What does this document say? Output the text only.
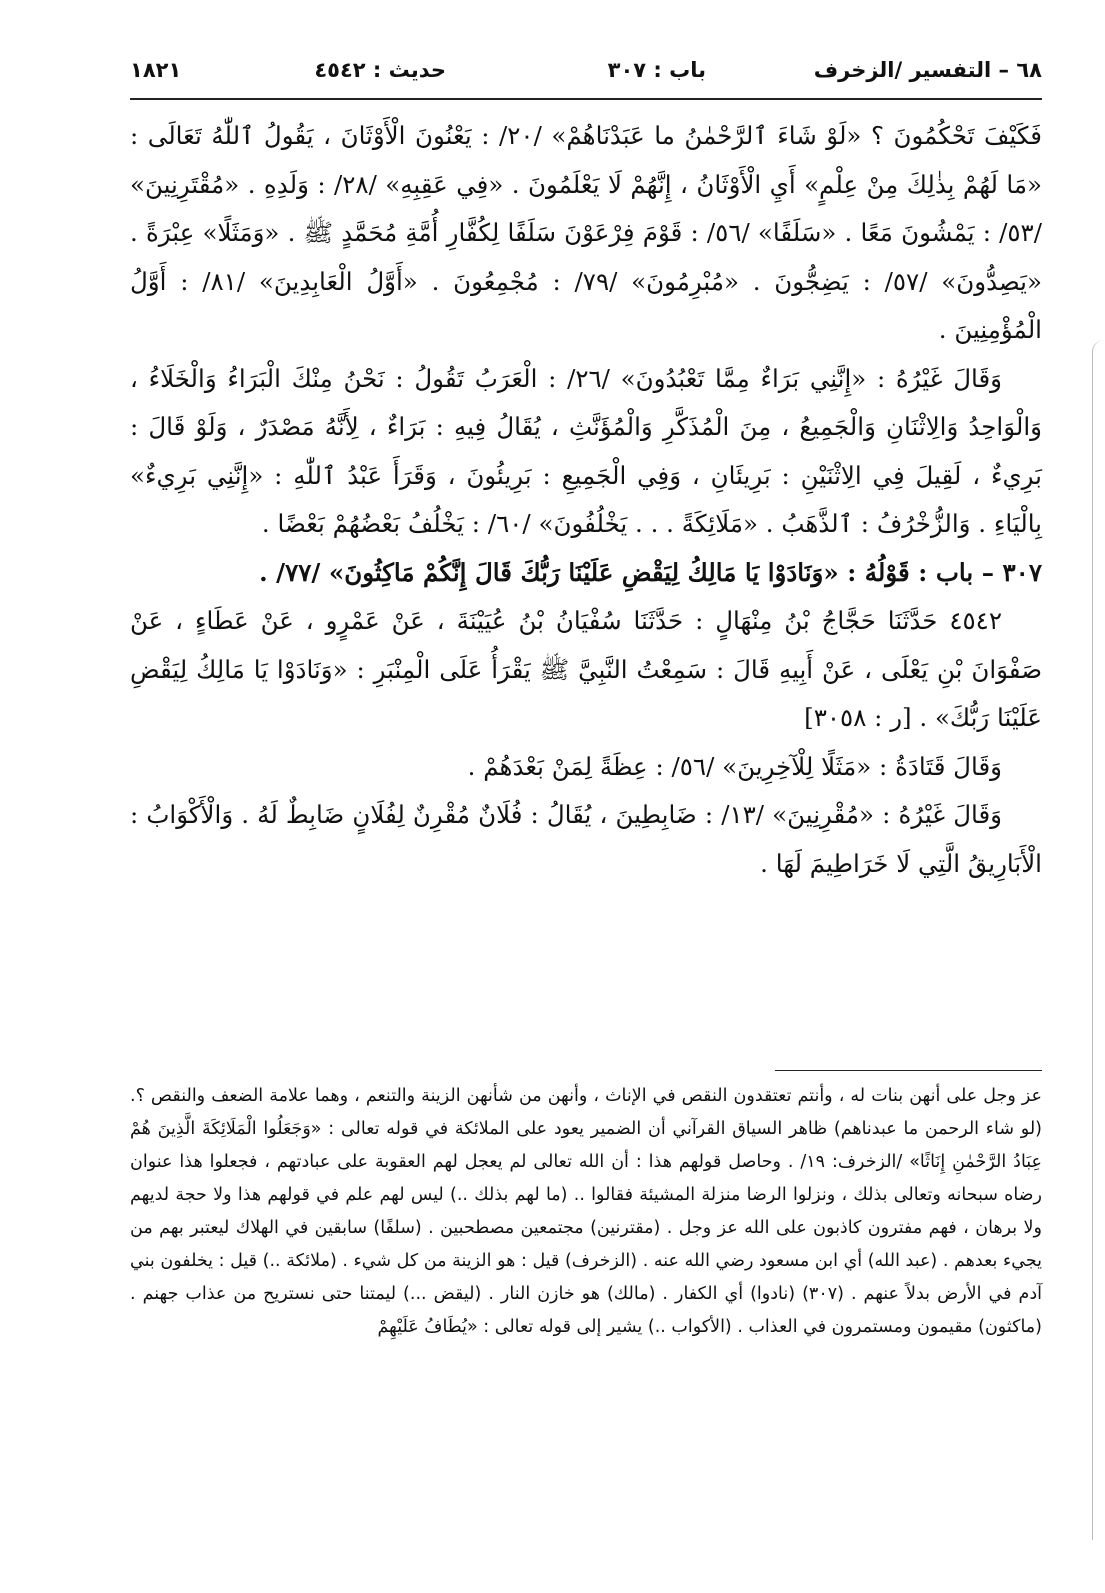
٦٨ – التفسير /الزخرف
باب : ٣٠٧
حديث : ٤٥٤٢
١٨٢١

فَكَيْفَ تَحْكُمُونَ ؟ «لَوْ شَاءَ ٱلرَّحْمٰنُ ما عَبَدْنَاهُمْ» /٢٠/ : يَعْنُونَ الْأَوْثَانَ ، يَقُولُ ٱللّٰهُ تَعَالَى : «مَا لَهُمْ بِذٰلِكَ مِنْ عِلْمٍ» أَيِ الْأَوْثَانُ ، إِنَّهُمْ لَا يَعْلَمُونَ . «فِي عَقِبِهِ» /٢٨/ : وَلَدِهِ . «مُقْتَرِنِينَ» /٥٣/ : يَمْشُونَ مَعًا . «سَلَفًا» /٥٦/ : قَوْمَ فِرْعَوْنَ سَلَفًا لِكُفَّارِ أُمَّةِ مُحَمَّدٍ ﷺ . «وَمَثَلًا» عِبْرَةً . «يَصِدُّونَ» /٥٧/ : يَضِجُّونَ . «مُبْرِمُونَ» /٧٩/ : مُجْمِعُونَ . «أَوَّلُ الْعَابِدِينَ» /٨١/ : أَوَّلُ الْمُؤْمِنِينَ .

وَقَالَ غَيْرُهُ : «إِنَّنِي بَرَاءٌ مِمَّا تَعْبُدُونَ» /٢٦/ : الْعَرَبُ تَقُولُ : نَحْنُ مِنْكَ الْبَرَاءُ وَالْخَلَاءُ ، وَالْوَاحِدُ وَالِاثْنَانِ وَالْجَمِيعُ ، مِنَ الْمُذَكَّرِ وَالْمُؤَنَّثِ ، يُقَالُ فِيهِ : بَرَاءٌ ، لِأَنَّهُ مَصْدَرٌ ، وَلَوْ قَالَ : بَرِيءٌ ، لَقِيلَ فِي الِاثْنَيْنِ : بَرِيئَانِ ، وَفِي الْجَمِيعِ : بَرِيئُونَ ، وَقَرَأَ عَبْدُ ٱللّٰهِ : «إِنَّنِي بَرِيءٌ» بِالْيَاءِ . وَالزُّخْرُفُ : ٱلذَّهَبُ . «مَلَائِكَةً . . . يَخْلُفُونَ» /٦٠/ : يَخْلُفُ بَعْضُهُمْ بَعْضًا .

٣٠٧ – باب : قَوْلُهُ : «وَنَادَوْا يَا مَالِكُ لِيَقْضِ عَلَيْنَا رَبُّكَ قَالَ إِنَّكُمْ مَاكِثُونَ» /٧٧/ .

٤٥٤٢ حَدَّثَنَا حَجَّاجُ بْنُ مِنْهَالٍ : حَدَّثَنَا سُفْيَانُ بْنُ عُيَيْنَةَ ، عَنْ عَمْرٍو ، عَنْ عَطَاءٍ ، عَنْ صَفْوَانَ بْنِ يَعْلَى ، عَنْ أَبِيهِ قَالَ : سَمِعْتُ النَّبِيَّ ﷺ يَقْرَأُ عَلَى الْمِنْبَرِ : «وَنَادَوْا يَا مَالِكُ لِيَقْضِ عَلَيْنَا رَبُّكَ» . [ر : ٣٠٥٨]

وَقَالَ قَتَادَةُ : «مَثَلًا لِلْآخِرِينَ» /٥٦/ : عِظَةً لِمَنْ بَعْدَهُمْ .

وَقَالَ غَيْرُهُ : «مُقْرِنِينَ» /١٣/ : ضَابِطِينَ ، يُقَالُ : فُلَانٌ مُقْرِنٌ لِفُلَانٍ ضَابِطٌ لَهُ . وَالْأَكْوَابُ : الْأَبَارِيقُ الَّتِي لَا خَرَاطِيمَ لَهَا .

عز وجل على أنهن بنات له ، وأنتم تعتقدون النقص في الإناث ، وأنهن من شأنهن الزينة والتنعم ، وهما علامة الضعف والنقص ؟. (لو شاء الرحمن ما عبدناهم) ظاهر السياق القرآني أن الضمير يعود على الملائكة في قوله تعالى : «وَجَعَلُوا الْمَلَائِكَةَ الَّذِينَ هُمْ عِبَادُ الرَّحْمٰنِ إِنَاثًا» /الزخرف: ١٩/ . وحاصل قولهم هذا : أن الله تعالى لم يعجل لهم العقوبة على عبادتهم ، فجعلوا هذا عنوان رضاه سبحانه وتعالى بذلك ، ونزلوا الرضا منزلة المشيئة فقالوا .. (ما لهم بذلك ..) ليس لهم علم في قولهم هذا ولا حجة لديهم ولا برهان ، فهم مفترون كاذبون على الله عز وجل . (مقترنين) مجتمعين مصطحبين . (سلفًا) سابقين في الهلاك ليعتبر بهم من يجيء بعدهم . (عبد الله) أي ابن مسعود رضي الله عنه . (الزخرف) قيل : هو الزينة من كل شيء . (ملائكة ..) قيل : يخلفون بني آدم في الأرض بدلاً عنهم . (٣٠٧) (نادوا) أي الكفار . (مالك) هو خازن النار . (ليقض ...) ليمتنا حتى نستريح من عذاب جهنم . (ماكثون) مقيمون ومستمرون في العذاب . (الأكواب ..) يشير إلى قوله تعالى : «يُطَافُ عَلَيْهِمْ
